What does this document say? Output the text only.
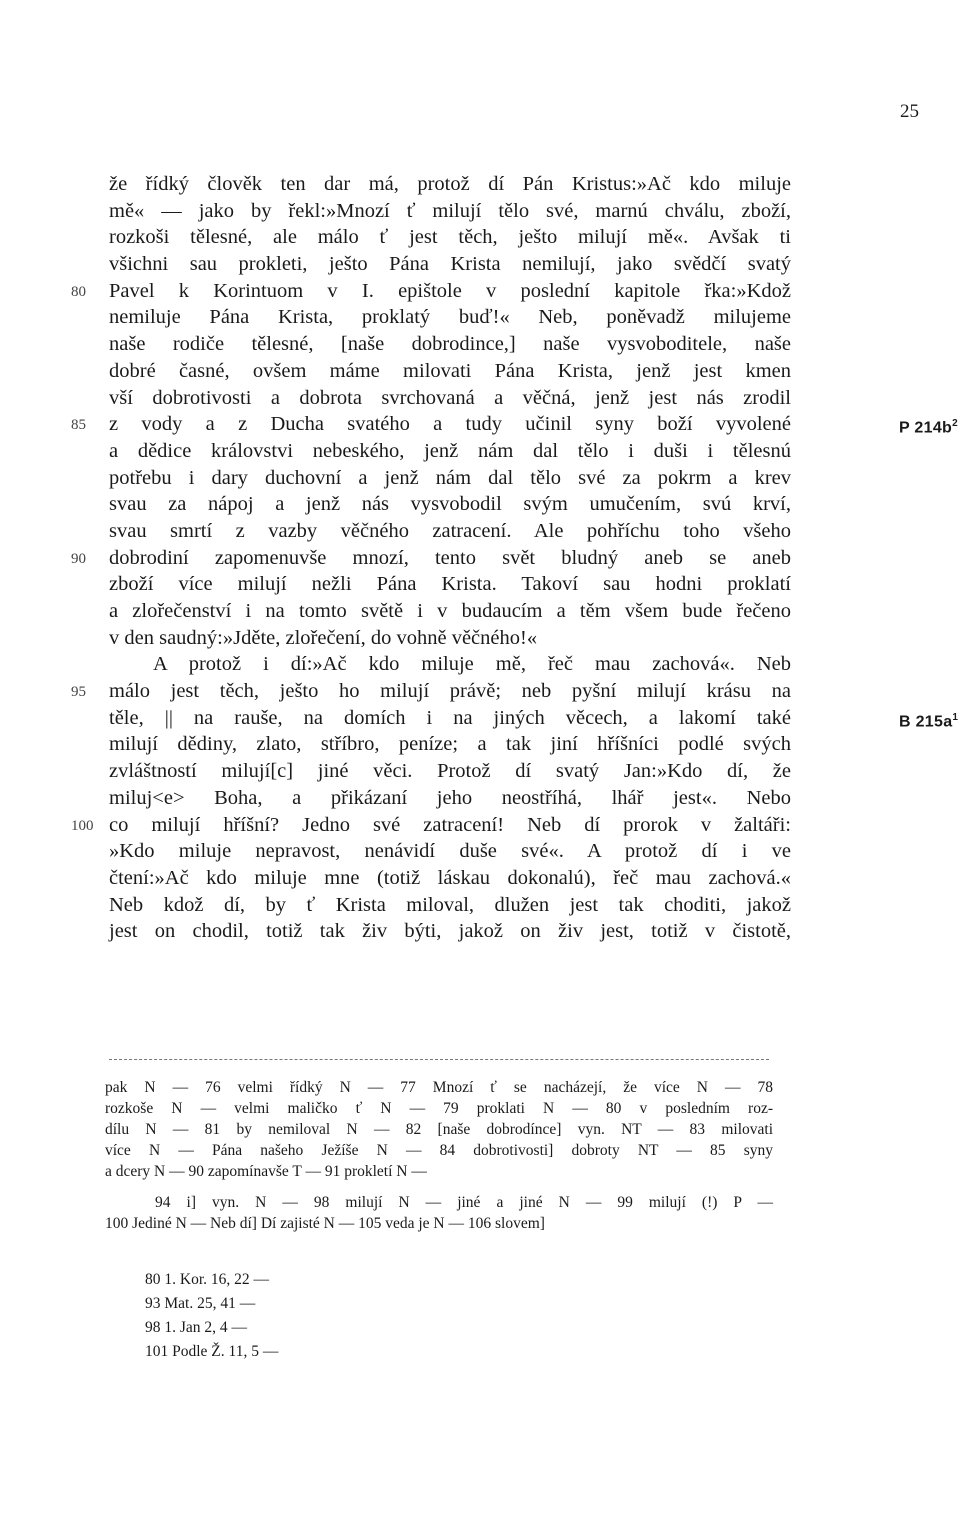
25
že řídký člověk ten dar má, protož dí Pán Kristus:»Ač kdo miluje
mě« — jako by řekl:»Mnozí ť milují tělo své, marnú chválu, zboží,
rozkoši tělesné, ale málo ť jest těch, ješto milují mě«. Avšak ti
všichni sau prokleti, ješto Pána Krista nemilují, jako svědčí svatý
Pavel k Korintuom v I. epištole v poslední kapitole řka:»Kdož
80
nemiluje Pána Krista, proklatý buď!« Neb, poněvadž milujeme
naše rodiče tělesné, [naše dobrodince,] naše vysvoboditele, naše
dobré časné, ovšem máme milovati Pána Krista, jenž jest kmen
vší dobrotivosti a dobrota svrchovaná a věčná, jenž jest nás zrodil
z vody a z Ducha svatého a tudy učinil syny boží vyvolené
85	P $214b^2$
a dědice královstvi nebeského, jenž nám dal tělo i duši i tělesnú
potřebu i dary duchovní a jenž nám dal tělo své za pokrm a krev
svau za nápoj a jenž nás vysvobodil svým umučením, svú krví,
svau smrtí z vazby věčného zatracení. Ale pohříchu toho všeho
dobrodiní zapomenuvše mnozí, tento svět bludný aneb se aneb
90
zboží více milují nežli Pána Krista. Takoví sau hodni proklatí
a zlořečenství i na tomto světě i v budaucím a těm všem bude řečeno
v den saudný:»Jděte, zlořečení, do vohně věčného!«
A protož i dí:»Ač kdo miluje mě, řeč mau zachová«. Neb
málo jest těch, ješto ho milují právě; neb pyšní milují krásu na
95
těle, || na rauše, na domích i na jiných věcech, a lakomí také	B $215a^1$
milují dědiny, zlato, stříbro, peníze; a tak jiní hříšníci podlé svých
zvláštností milují[c] jiné věci. Protož dí svatý Jan:»Kdo dí, že
miluj<e> Boha, a přikázaní jeho neostříhá, lhář jest«. Nebo
co milují hříšní? Jedno své zatracení! Neb dí prorok v žaltáři:
100
»Kdo miluje nepravost, nenávidí duše své«. A protož dí i ve
čtení:»Ač kdo miluje mne (totiž láskau dokonalú), řeč mau zachová.«
Neb kdož dí, by ť Krista miloval, dlužen jest tak choditi, jakož
jest on chodil, totiž tak živ býti, jakož on živ jest, totiž v čistotě,
pak N — 76 velmi řídký N — 77 Mnozí ť se nacházejí, že více N — 78
rozkoše N — velmi maličko ť N — 79 proklati N — 80 v posledním roz-
dílu N — 81 by nemiloval N — 82 [naše dobrodínce] vyn. NT — 83 milovati
více N — Pána našeho Ježíše N — 84 dobrotivosti] dobroty NT — 85 syny
a dcery N — 90 zapomínavše T — 91 prokletí N —
94 i] vyn. N — 98 milují N — jiné a jiné N — 99 milují (!) P —
100 Jediné N — Neb dí] Dí zajisté N — 105 veda je N — 106 slovem]
80 1. Kor. 16, 22 —
93 Mat. 25, 41 —
98 1. Jan 2, 4 —
101 Podle Ž. 11, 5 —
